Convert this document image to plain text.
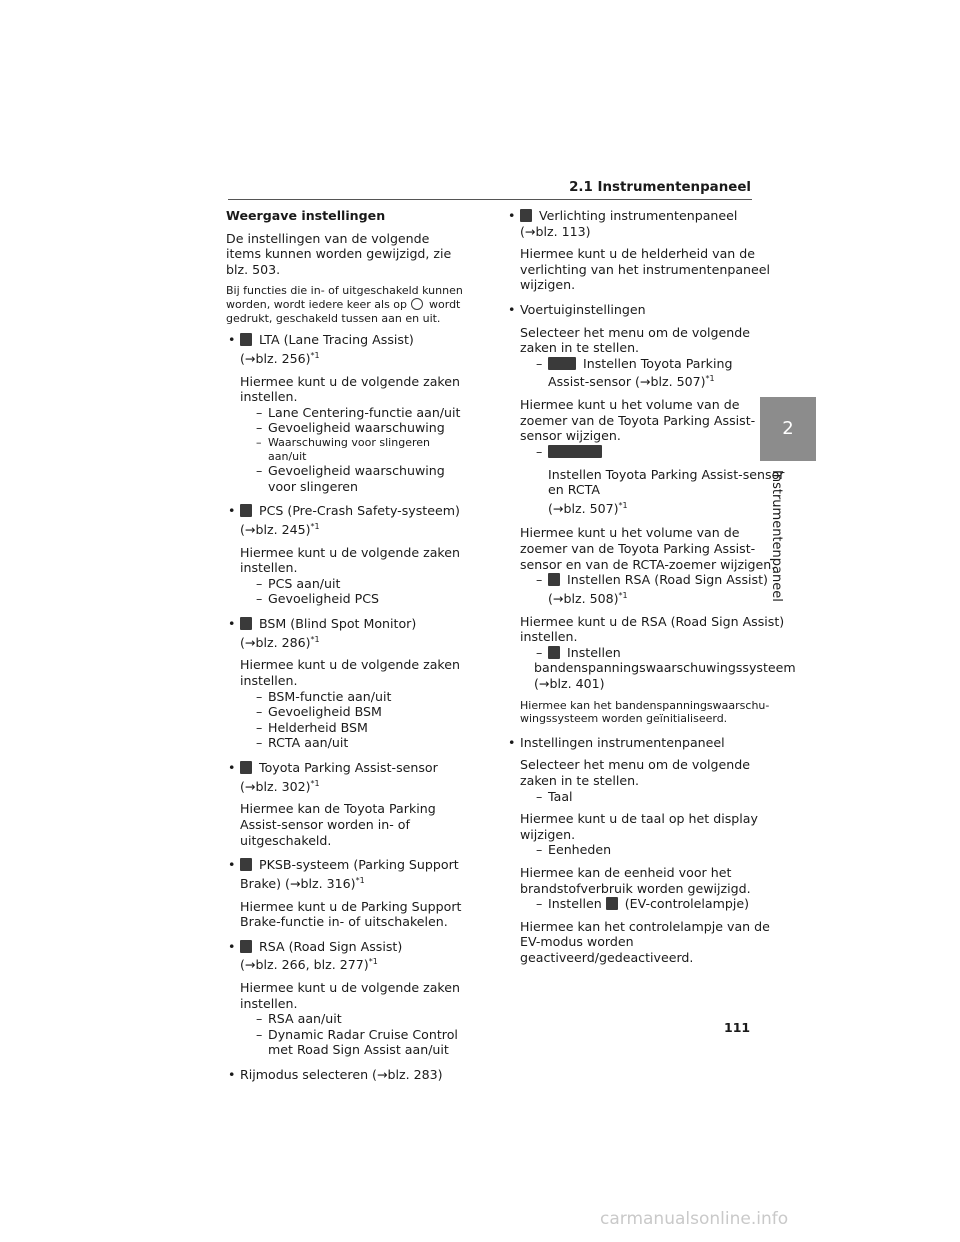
2.1 Instrumentenpaneel
2
Instrumentenpaneel

Weergave instellingen

De instellingen van de volgende items kunnen worden gewijzigd, zie blz. 503.

Bij functies die in- of uitgeschakeld kunnen worden, wordt iedere keer als op wordt gedrukt, geschakeld tussen aan en uit.

• LTA (Lane Tracing Assist)

(→blz. 256)$^{*1}$

Hiermee kunt u de volgende zaken instellen.

– Lane Centering-functie aan/uit

– Gevoeligheid waarschuwing

– Waarschuwing voor slingeren aan/uit

– Gevoeligheid waarschuwing voor slingeren

• PCS (Pre-Crash Safety-systeem)

(→blz. 245)$^{*1}$

Hiermee kunt u de volgende zaken instellen.

– PCS aan/uit

– Gevoeligheid PCS

• BSM (Blind Spot Monitor)

(→blz. 286)$^{*1}$

Hiermee kunt u de volgende zaken instellen.

– BSM-functie aan/uit

– Gevoeligheid BSM

– Helderheid BSM

– RCTA aan/uit

• Toyota Parking Assist-sensor

(→blz. 302)$^{*1}$

Hiermee kan de Toyota Parking Assist-sensor worden in- of uitgeschakeld.

• PKSB-systeem (Parking Support

Brake) (→blz. 316)$^{*1}$

Hiermee kunt u de Parking Support Brake-functie in- of uitschakelen.

• RSA (Road Sign Assist)

(→blz. 266, blz. 277)$^{*1}$

Hiermee kunt u de volgende zaken instellen.

– RSA aan/uit

– Dynamic Radar Cruise Control met Road Sign Assist aan/uit

• Rijmodus selecteren (→blz. 283)

• Verlichting instrumentenpaneel

(→blz. 113)

Hiermee kunt u de helderheid van de verlichting van het instrumentenpaneel wijzigen.

• Voertuiginstellingen

Selecteer het menu om de volgende zaken in te stellen.

–	Instellen Toyota Parking

Assist-sensor (→blz. 507)$^{*1}$

Hiermee kunt u het volume van de zoemer van de Toyota Parking Assist-sensor wijzigen.

–

Instellen Toyota Parking Assist-sensor en RCTA

(→blz. 507)$^{*1}$

Hiermee kunt u het volume van de zoemer van de Toyota Parking Assist-sensor en van de RCTA-zoemer wijzigen.

– Instellen RSA (Road Sign Assist)

(→blz. 508)$^{*1}$

Hiermee kunt u de RSA (Road Sign Assist) instellen.

– Instellen

bandenspanningswaarschuwingssysteem

(→blz. 401)

Hiermee kan het bandenspanningswaarschu- wingssysteem worden geïnitialiseerd.

• Instellingen instrumentenpaneel

Selecteer het menu om de volgende zaken in te stellen.

– Taal

Hiermee kunt u de taal op het display wijzigen.

– Eenheden

Hiermee kan de eenheid voor het brandstofverbruik worden gewijzigd.

– Instellen (EV-controlelampje)

Hiermee kan het controlelampje van de EV-modus worden geactiveerd/gedeactiveerd.

111
carmanualsonline.info
